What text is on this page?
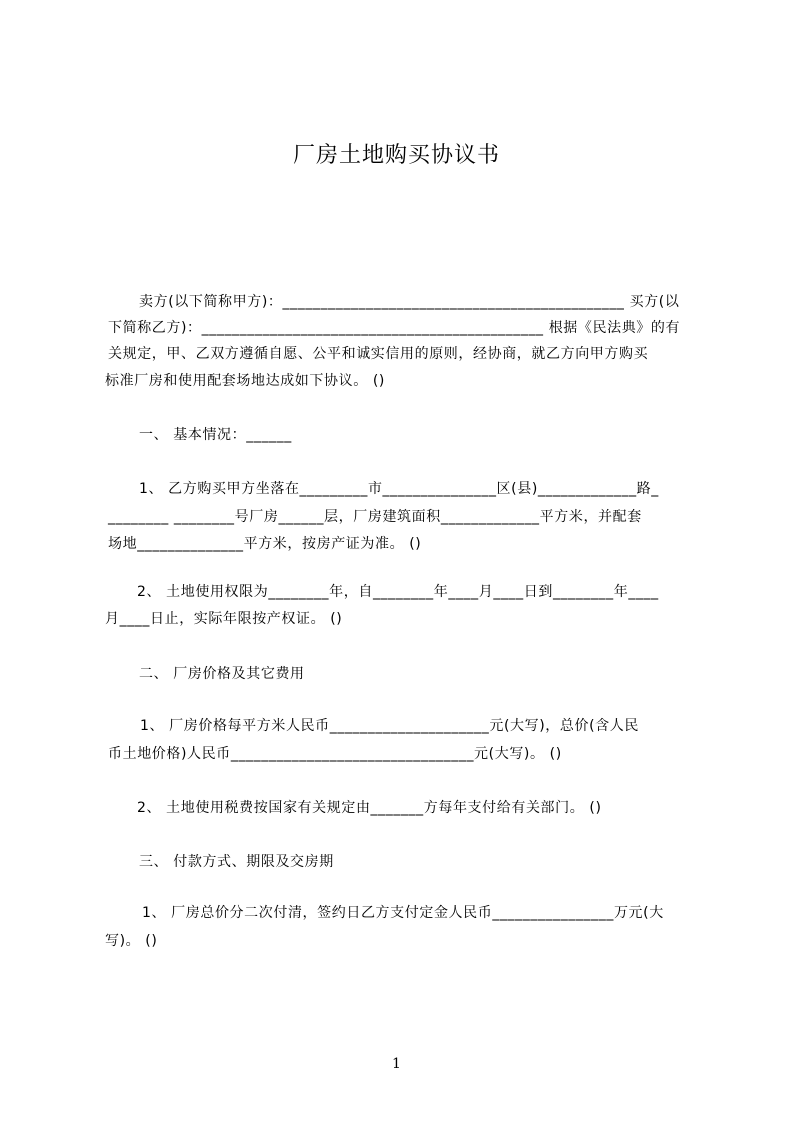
厂房土地购买协议书
卖方(以下简称甲方)：_____________________________________________ 买方(以
下简称乙方)：_____________________________________________ 根据《民法典》的有
关规定，甲、乙双方遵循自愿、公平和诚实信用的原则，经协商，就乙方向甲方购买
标准厂房和使用配套场地达成如下协议。 ()
一、 基本情况：______
1、 乙方购买甲方坐落在_________市_______________区(县)_____________路_
________ ________号厂房______层，厂房建筑面积_____________平方米，并配套
场地______________平方米，按房产证为准。 ()
2、 土地使用权限为________年，自________年____月____日到________年____
月____日止，实际年限按产权证。 ()
二、 厂房价格及其它费用
1、 厂房价格每平方米人民币_____________________元(大写)，总价(含人民
币土地价格)人民币________________________________元(大写)。 ()
2、 土地使用税费按国家有关规定由_______方每年支付给有关部门。 ()
三、 付款方式、期限及交房期
1、 厂房总价分二次付清，签约日乙方支付定金人民币________________万元(大
写)。 ()
1
